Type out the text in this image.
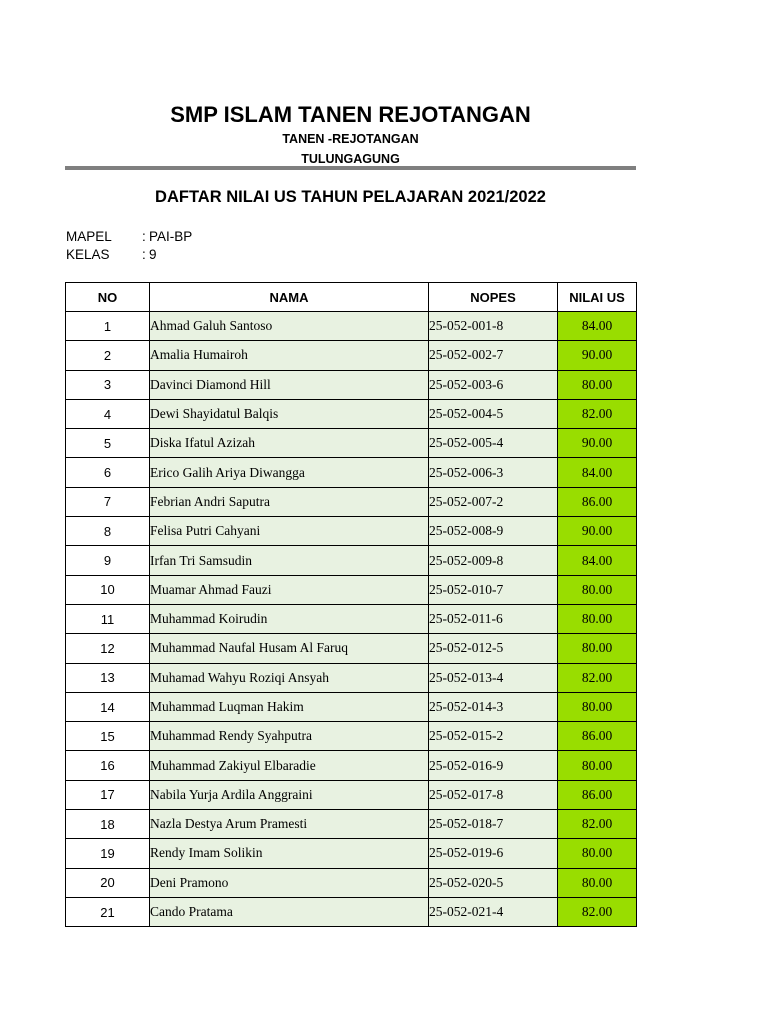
SMP ISLAM TANEN REJOTANGAN
TANEN -REJOTANGAN
TULUNGAGUNG
DAFTAR NILAI US TAHUN PELAJARAN 2021/2022
MAPEL : PAI-BP
KELAS : 9
NO	NAMA	NOPES	NILAI US
1	Ahmad Galuh Santoso	25-052-001-8	84.00
2	Amalia Humairoh	25-052-002-7	90.00
3	Davinci Diamond Hill	25-052-003-6	80.00
4	Dewi Shayidatul Balqis	25-052-004-5	82.00
5	Diska Ifatul Azizah	25-052-005-4	90.00
6	Erico Galih Ariya Diwangga	25-052-006-3	84.00
7	Febrian Andri Saputra	25-052-007-2	86.00
8	Felisa Putri Cahyani	25-052-008-9	90.00
9	Irfan Tri Samsudin	25-052-009-8	84.00
10	Muamar Ahmad Fauzi	25-052-010-7	80.00
11	Muhammad Koirudin	25-052-011-6	80.00
12	Muhammad Naufal Husam Al Faruq	25-052-012-5	80.00
13	Muhamad Wahyu Roziqi Ansyah	25-052-013-4	82.00
14	Muhammad Luqman Hakim	25-052-014-3	80.00
15	Muhammad Rendy Syahputra	25-052-015-2	86.00
16	Muhammad Zakiyul Elbaradie	25-052-016-9	80.00
17	Nabila Yurja Ardila Anggraini	25-052-017-8	86.00
18	Nazla Destya Arum Pramesti	25-052-018-7	82.00
19	Rendy Imam Solikin	25-052-019-6	80.00
20	Deni Pramono	25-052-020-5	80.00
21	Cando Pratama	25-052-021-4	82.00
